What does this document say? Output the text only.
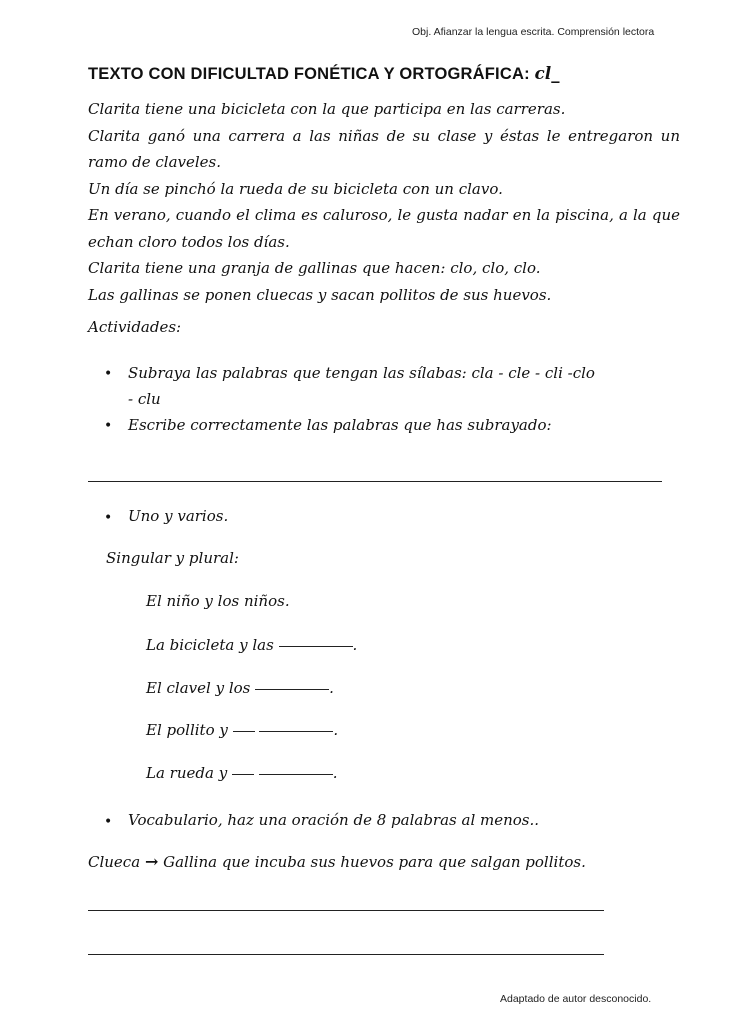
Obj. Afianzar la lengua escrita. Comprensión lectora
TEXTO CON DIFICULTAD FONÉTICA Y ORTOGRÁFICA: cl_

Clarita tiene una bicicleta con la que participa en las carreras.

Clarita ganó una carrera a las niñas de su clase y éstas le entregaron un ramo de claveles.

Un día se pinchó la rueda de su bicicleta con un clavo.

En verano, cuando el clima es caluroso, le gusta nadar en la piscina, a la que echan cloro todos los días.

Clarita tiene una granja de gallinas que hacen: clo, clo, clo.

Las gallinas se ponen cluecas y sacan pollitos de sus huevos.

Actividades:
• Subraya las palabras que tengan las sílabas: cla - cle - cli -clo
- clu
• Escribe correctamente las palabras que has subrayado:
• Uno y varios.
Singular y plural:
El niño y los niños.
La bicicleta y las	.
El clavel y los	.
El pollito y	.
La rueda y	.
• Vocabulario, haz una oración de 8 palabras al menos..
Clueca → Gallina que incuba sus huevos para que salgan pollitos.
Adaptado de autor desconocido.
